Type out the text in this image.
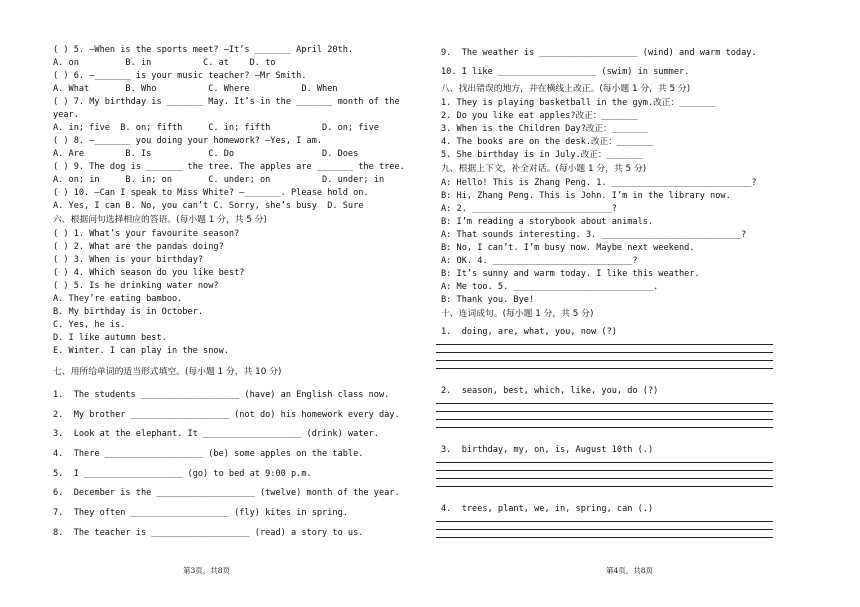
( ) 5. —When is the sports meet? —It’s _______ April 20th.
A. on         B. in          C. at    D. to
( ) 6. —_______ is your music teacher? —Mr Smith.
A. What       B. Who          C. Where          D. When
( ) 7. My birthday is _______ May. It’s in the _______ month of the
year.
A. in; five  B. on; fifth     C. in; fifth          D. on; five
( ) 8. —_______ you doing your homework? —Yes, I am.
A. Are        B. Is           C. Do                 D. Does
( ) 9. The dog is _______ the tree. The apples are _______ the tree.
A. on; in     B. in; on       C. under; on          D. under; in
( ) 10. —Can I speak to Miss White? —_______. Please hold on.
A. Yes, I can B. No, you can’t C. Sorry, she’s busy  D. Sure
六、根据问句选择相应的答语。(每小题 1 分，共 5 分)
( ) 1. What’s your favourite season?
( ) 2. What are the pandas doing?
( ) 3. When is your birthday?
( ) 4. Which season do you like best?
( ) 5. Is he drinking water now?
A. They’re eating bamboo.
B. My birthday is in October.
C. Yes, he is.
D. I like autumn best.
E. Winter. I can play in the snow.
七、用所给单词的适当形式填空。(每小题 1 分，共 10 分)
1.  The students ___________________ (have) an English class now.
2.  My brother ___________________ (not do) his homework every day.
3.  Look at the elephant. It ___________________ (drink) water.
4.  There ___________________ (be) some apples on the table.
5.  I ___________________ (go) to bed at 9:00 p.m.
6.  December is the ___________________ (twelve) month of the year.
7.  They often ___________________ (fly) kites in spring.
8.  The teacher is ___________________ (read) a story to us.
9.  The weather is ___________________ (wind) and warm today.
10. I like ___________________ (swim) in summer.
八、找出错误的地方，并在横线上改正。(每小题 1 分，共 5 分)
1. They is playing basketball in the gym.改正：_______
2. Do you like eat apples?改正：_______
3. When is the Children Day?改正：_______
4. The books are on the desk.改正：_______
5. She birthday is in July.改正：_______
九、根据上下文，补全对话。(每小题 1 分，共 5 分)
A: Hello! This is Zhang Peng. 1. ___________________________?
B: Hi, Zhang Peng. This is John. I’m in the library now.
A: 2. ___________________________?
B: I’m reading a storybook about animals.
A: That sounds interesting. 3. ___________________________?
B: No, I can’t. I’m busy now. Maybe next weekend.
A: OK. 4. ___________________________?
B: It’s sunny and warm today. I like this weather.
A: Me too. 5. ___________________________.
B: Thank you. Bye!
十、连词成句。(每小题 1 分，共 5 分)
1.  doing, are, what, you, now (?)
2.  season, best, which, like, you, do (?)
3.  birthday, my, on, is, August 10th (.)
4.  trees, plant, we, in, spring, can (.)
第3页，共8页	第4页，共8页
